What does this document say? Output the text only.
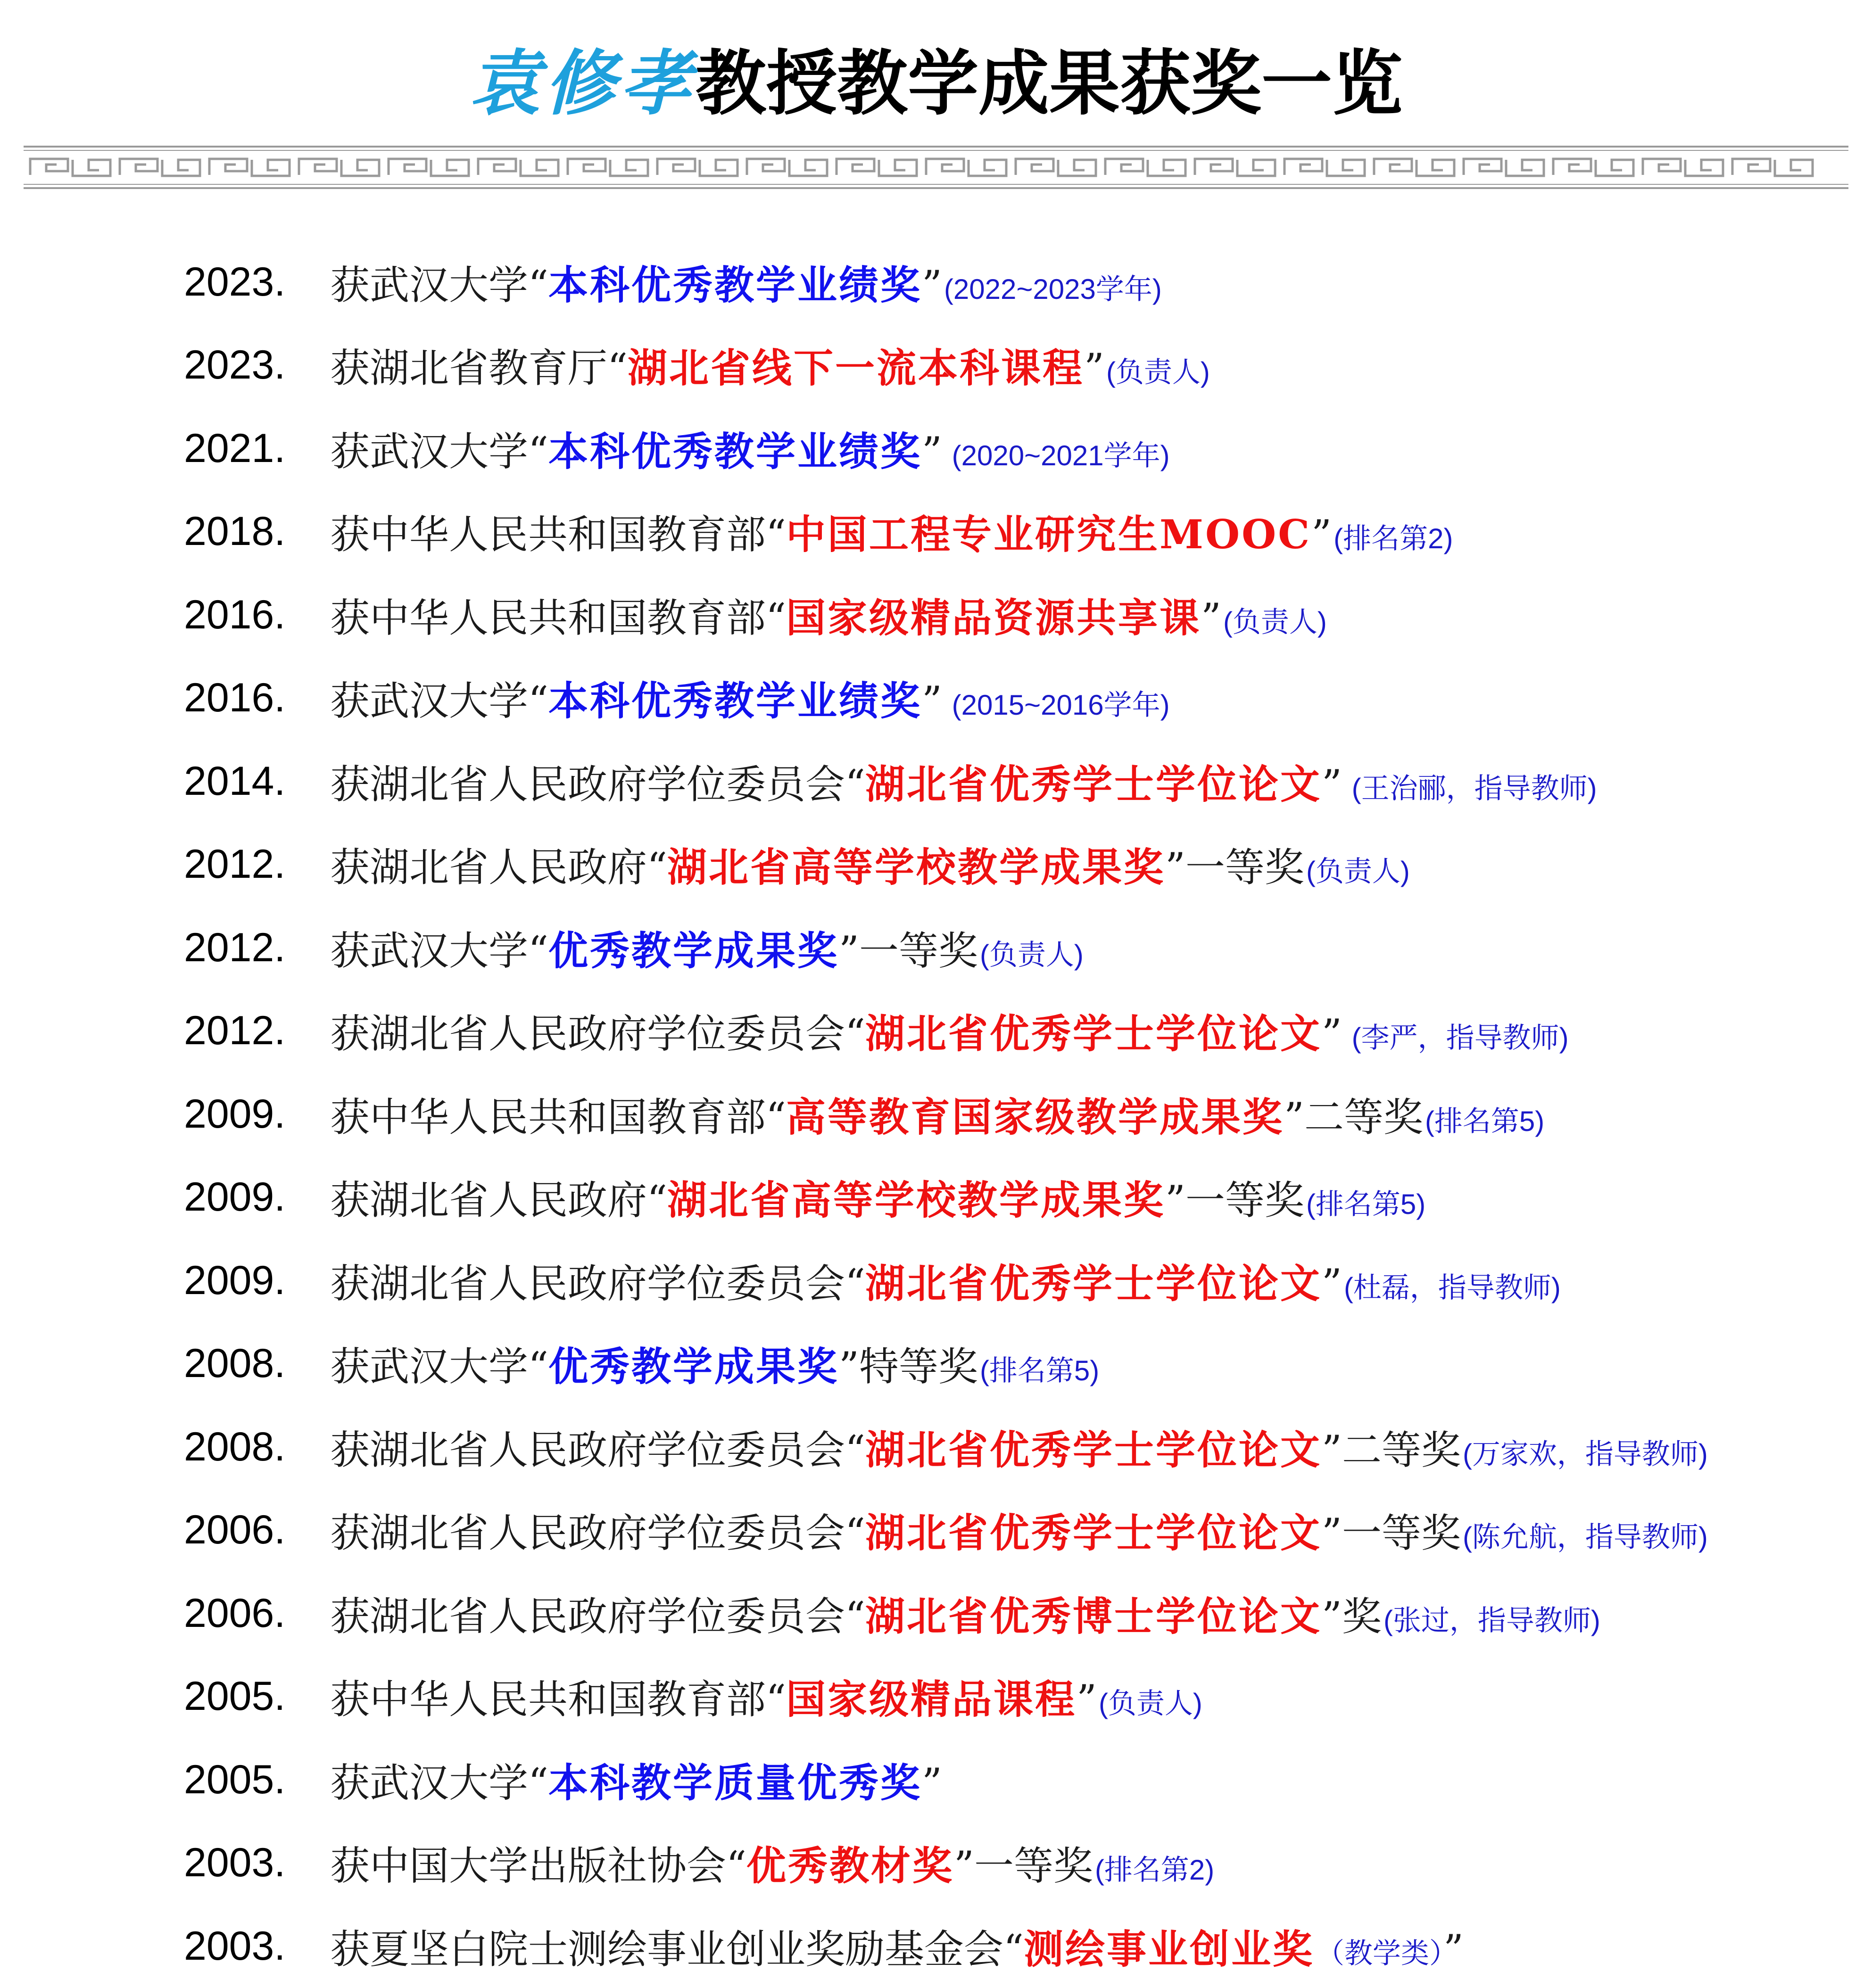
袁修孝教授教学成果获奖一览
2023.	获武汉大学“本科优秀教学业绩奖”(2022~2023学年)
2023.	获湖北省教育厅“湖北省线下一流本科课程”(负责人)
2021.	获武汉大学“本科优秀教学业绩奖” (2020~2021学年)
2018.	获中华人民共和国教育部“中国工程专业研究生MOOC”(排名第2)
2016.	获中华人民共和国教育部“国家级精品资源共享课”(负责人)
2016.	获武汉大学“本科优秀教学业绩奖” (2015~2016学年)
2014.	获湖北省人民政府学位委员会“湖北省优秀学士学位论文” (王治郦，指导教师)
2012.	获湖北省人民政府“湖北省高等学校教学成果奖”一等奖(负责人)
2012.	获武汉大学“优秀教学成果奖”一等奖(负责人)
2012.	获湖北省人民政府学位委员会“湖北省优秀学士学位论文” (李严，指导教师)
2009.	获中华人民共和国教育部“高等教育国家级教学成果奖”二等奖(排名第5)
2009.	获湖北省人民政府“湖北省高等学校教学成果奖”一等奖(排名第5)
2009.	获湖北省人民政府学位委员会“湖北省优秀学士学位论文”(杜磊，指导教师)
2008.	获武汉大学“优秀教学成果奖”特等奖(排名第5)
2008.	获湖北省人民政府学位委员会“湖北省优秀学士学位论文”二等奖(万家欢，指导教师)
2006.	获湖北省人民政府学位委员会“湖北省优秀学士学位论文”一等奖(陈允航，指导教师)
2006.	获湖北省人民政府学位委员会“湖北省优秀博士学位论文”奖(张过，指导教师)
2005.	获中华人民共和国教育部“国家级精品课程”(负责人)
2005.	获武汉大学“本科教学质量优秀奖”
2003.	获中国大学出版社协会“优秀教材奖”一等奖(排名第2)
2003.	获夏坚白院士测绘事业创业奖励基金会“测绘事业创业奖（教学类）”
